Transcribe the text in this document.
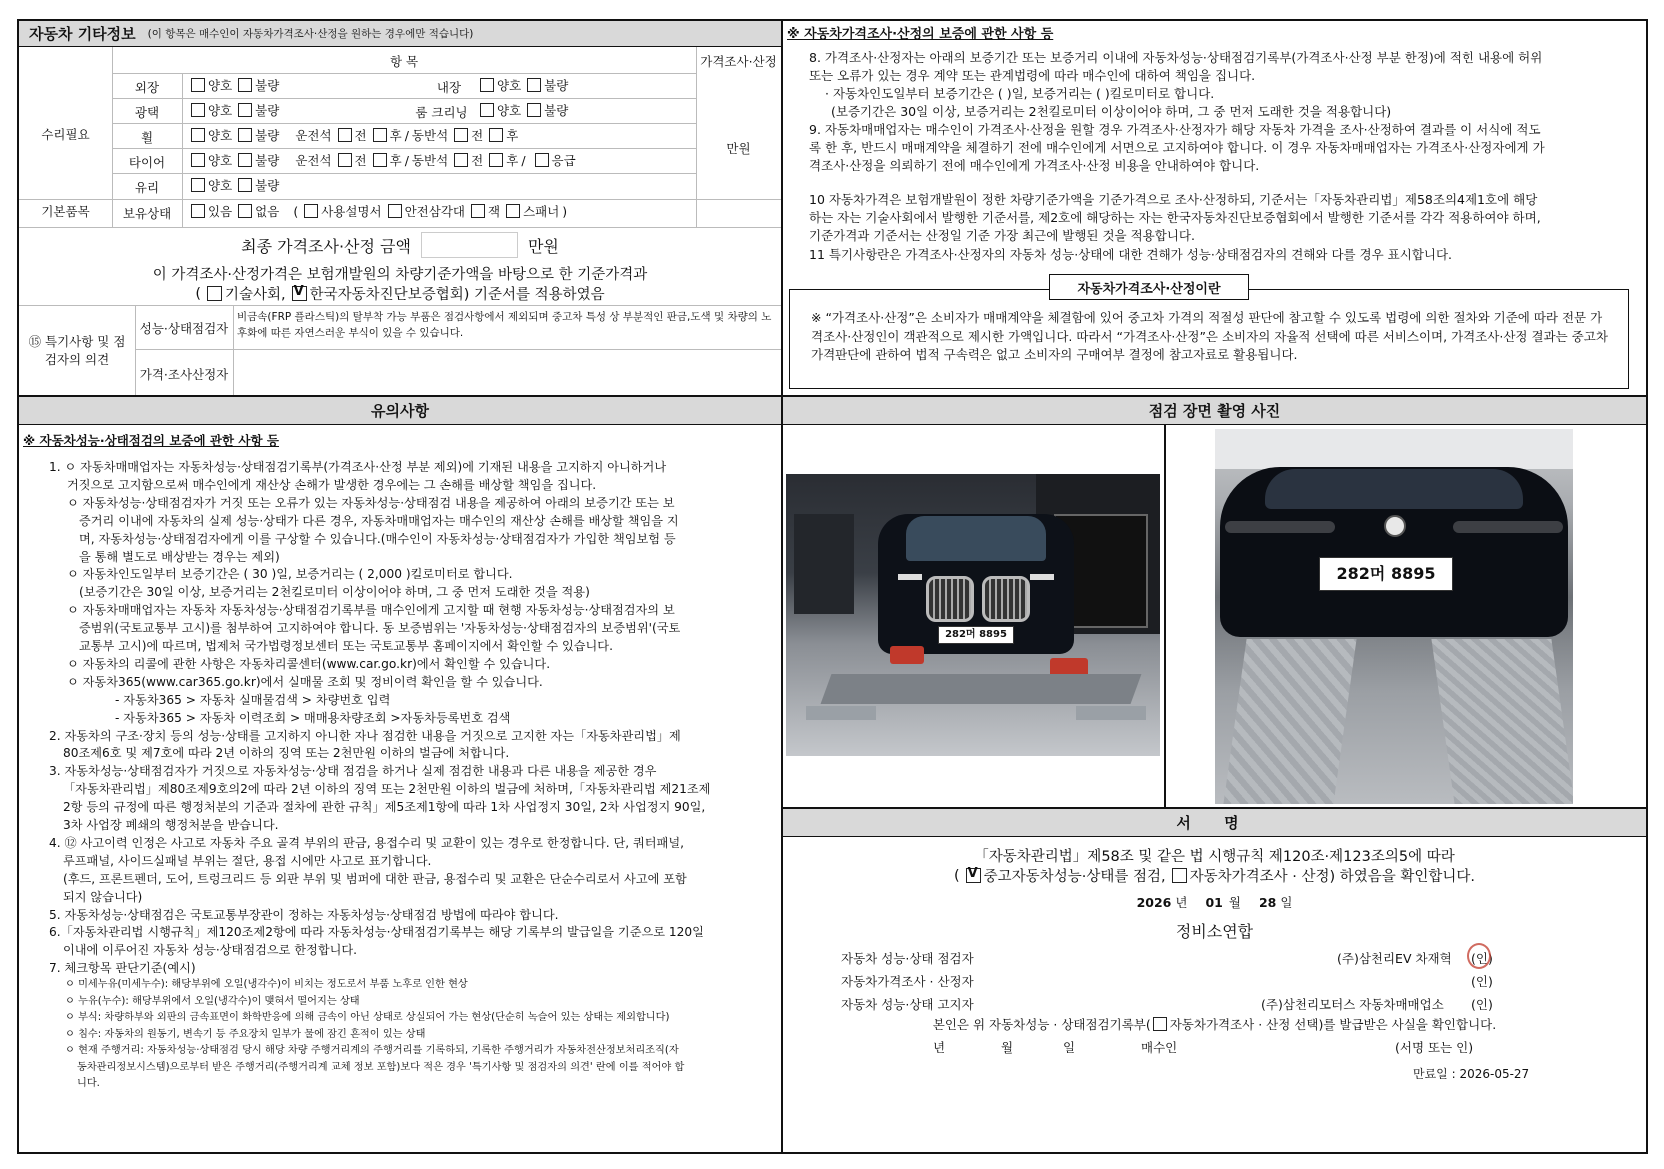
자동차 기타정보 (이 항목은 매수인이 자동차가격조사·산정을 원하는 경우에만 적습니다)
항 목	가격조사·산정
수리필요
기본품목
만원
외장	양호 불량	내장	양호 불량
광택	양호 불량	룸 크리닝	양호 불량
휠	양호 불량 운전석 전 후 / 동반석 전 후
타이어	양호 불량 운전석 전 후 / 동반석 전 후 / 응급
유리	양호 불량
보유상태	있음 없음 ( 사용설명서 안전삼각대 잭 스패너 )
최종 가격조사·산정 금액	만원
이 가격조사·산정가격은 보험개발원의 차량기준가액을 바탕으로 한 기준가격과
( 기술사회, V 한국자동차진단보증협회) 기준서를 적용하였음
⑮ 특기사항 및 점검자의 의견
성능·상태점검자
비금속(FRP 플라스틱)의 탈부착 가능 부품은 점검사항에서 제외되며 중고차 특성 상 부분적인 판금,도색 및 차량의 노후화에 따른 자연스러운 부식이 있을 수 있습니다.
가격·조사산정자
※ 자동차가격조사·산정의 보증에 관한 사항 등
8. 가격조사·산정자는 아래의 보증기간 또는 보증거리 이내에 자동차성능·상태점검기록부(가격조사·산정 부분 한정)에 적힌 내용에 허위 또는 오류가 있는 경우 계약 또는 관계법령에 따라 매수인에 대하여 책임을 집니다.
· 자동차인도일부터 보증기간은 ( )일, 보증거리는 ( )킬로미터로 합니다.
(보증기간은 30일 이상, 보증거리는 2천킬로미터 이상이어야 하며, 그 중 먼저 도래한 것을 적용합니다)
9. 자동차매매업자는 매수인이 가격조사·산정을 원할 경우 가격조사·산정자가 해당 자동차 가격을 조사·산정하여 결과를 이 서식에 적도록 한 후, 반드시 매매계약을 체결하기 전에 매수인에게 서면으로 고지하여야 합니다. 이 경우 자동차매매업자는 가격조사·산정자에게 가격조사·산정을 의뢰하기 전에 매수인에게 가격조사·산정 비용을 안내하여야 합니다.
10 자동차가격은 보험개발원이 정한 차량기준가액을 기준가격으로 조사·산정하되, 기준서는「자동차관리법」제58조의4제1호에 해당하는 자는 기술사회에서 발행한 기준서를, 제2호에 해당하는 자는 한국자동차진단보증협회에서 발행한 기준서를 각각 적용하여야 하며, 기준가격과 기준서는 산정일 기준 가장 최근에 발행된 것을 적용합니다.
11 특기사항란은 가격조사·산정자의 자동차 성능·상태에 대한 견해가 성능·상태점검자의 견해와 다를 경우 표시합니다.
자동차가격조사·산정이란
※ “가격조사·산정”은 소비자가 매매계약을 체결함에 있어 중고차 가격의 적절성 판단에 참고할 수 있도록 법령에 의한 절차와 기준에 따라 전문 가격조사·산정인이 객관적으로 제시한 가액입니다. 따라서 “가격조사·산정”은 소비자의 자율적 선택에 따른 서비스이며, 가격조사·산정 결과는 중고차 가격판단에 관하여 법적 구속력은 없고 소비자의 구매여부 결정에 참고자료로 활용됩니다.
유의사항
※ 자동차성능·상태점검의 보증에 관한 사항 등
1. ㅇ 자동차매매업자는 자동차성능·상태점검기록부(가격조사·산정 부분 제외)에 기재된 내용을 고지하지 아니하거나
거짓으로 고지함으로써 매수인에게 재산상 손해가 발생한 경우에는 그 손해를 배상할 책임을 집니다.
ㅇ 자동차성능·상태점검자가 거짓 또는 오류가 있는 자동차성능·상태점검 내용을 제공하여 아래의 보증기간 또는 보
증거리 이내에 자동차의 실제 성능·상태가 다른 경우, 자동차매매업자는 매수인의 재산상 손해를 배상할 책임을 지
며, 자동차성능·상태점검자에게 이를 구상할 수 있습니다.(매수인이 자동차성능·상태점검자가 가입한 책임보험 등
을 통해 별도로 배상받는 경우는 제외)
ㅇ 자동차인도일부터 보증기간은 ( 30 )일, 보증거리는 ( 2,000 )킬로미터로 합니다.
(보증기간은 30일 이상, 보증거리는 2천킬로미터 이상이어야 하며, 그 중 먼저 도래한 것을 적용)
ㅇ 자동차매매업자는 자동차 자동차성능·상태점검기록부를 매수인에게 고지할 때 현행 자동차성능·상태점검자의 보
증범위(국토교통부 고시)를 첨부하여 고지하여야 합니다. 동 보증범위는 '자동차성능·상태점검자의 보증범위'(국토
교통부 고시)에 따르며, 법제처 국가법령정보센터 또는 국토교통부 홈페이지에서 확인할 수 있습니다.
ㅇ 자동차의 리콜에 관한 사항은 자동차리콜센터(www.car.go.kr)에서 확인할 수 있습니다.
ㅇ 자동차365(www.car365.go.kr)에서 실매물 조회 및 정비이력 확인을 할 수 있습니다.
- 자동차365 > 자동차 실매물검색 > 차량번호 입력
- 자동차365 > 자동차 이력조회 > 매매용차량조회 >자동차등록번호 검색
2. 자동차의 구조·장치 등의 성능·상태를 고지하지 아니한 자나 점검한 내용을 거짓으로 고지한 자는「자동차관리법」제
80조제6호 및 제7호에 따라 2년 이하의 징역 또는 2천만원 이하의 벌금에 처합니다.
3. 자동차성능·상태점검자가 거짓으로 자동차성능·상태 점검을 하거나 실제 점검한 내용과 다른 내용을 제공한 경우
「자동차관리법」제80조제9호의2에 따라 2년 이하의 징역 또는 2천만원 이하의 벌금에 처하며,「자동차관리법 제21조제
2항 등의 규정에 따른 행정처분의 기준과 절차에 관한 규칙」제5조제1항에 따라 1차 사업정지 30일, 2차 사업정지 90일,
3차 사업장 폐쇄의 행정처분을 받습니다.
4. ⑫ 사고이력 인정은 사고로 자동차 주요 골격 부위의 판금, 용접수리 및 교환이 있는 경우로 한정합니다. 단, 쿼터패널,
루프패널, 사이드실패널 부위는 절단, 용접 시에만 사고로 표기합니다.
(후드, 프론트펜더, 도어, 트렁크리드 등 외판 부위 및 범퍼에 대한 판금, 용접수리 및 교환은 단순수리로서 사고에 포함
되지 않습니다)
5. 자동차성능·상태점검은 국토교통부장관이 정하는 자동차성능·상태점검 방법에 따라야 합니다.
6.「자동차관리법 시행규칙」제120조제2항에 따라 자동차성능·상태점검기록부는 해당 기록부의 발급일을 기준으로 120일
이내에 이루어진 자동차 성능·상태점검으로 한정합니다.
7. 체크항목 판단기준(예시)
ㅇ 미세누유(미세누수): 해당부위에 오일(냉각수)이 비치는 정도로서 부품 노후로 인한 현상
ㅇ 누유(누수): 해당부위에서 오일(냉각수)이 맺혀서 떨어지는 상태
ㅇ 부식: 차량하부와 외판의 금속표면이 화학반응에 의해 금속이 아닌 상태로 상실되어 가는 현상(단순히 녹슬어 있는 상태는 제외합니다)
ㅇ 침수: 자동차의 원동기, 변속기 등 주요장치 일부가 물에 잠긴 흔적이 있는 상태
ㅇ 현재 주행거리: 자동차성능·상태점검 당시 해당 차량 주행거리계의 주행거리를 기록하되, 기록한 주행거리가 자동차전산정보처리조직(자
동차관리정보시스템)으로부터 받은 주행거리(주행거리계 교체 정보 포함)보다 적은 경우 '특기사항 및 점검자의 의견' 란에 이를 적어야 합
니다.
점검 장면 촬영 사진
282머 8895
282머 8895
서 명
「자동차관리법」제58조 및 같은 법 시행규칙 제120조·제123조의5에 따라
( V 중고자동차성능·상태를 점검, 자동차가격조사 · 산정) 하였음을 확인합니다.
2026 년 01 월 28 일
정비소연합
자동차 성능·상태 점검자	(주)삼천리EV 차재혁 (인)
자동차가격조사 · 산정자	(인)
자동차 성능·상태 고지자	(주)삼천리모터스 자동차매매업소 (인)
본인은 위 자동차성능 · 상태점검기록부( 자동차가격조사 · 산정 선택)를 발급받은 사실을 확인합니다.
년	월	일	매수인	(서명 또는 인)
만료일 : 2026-05-27
